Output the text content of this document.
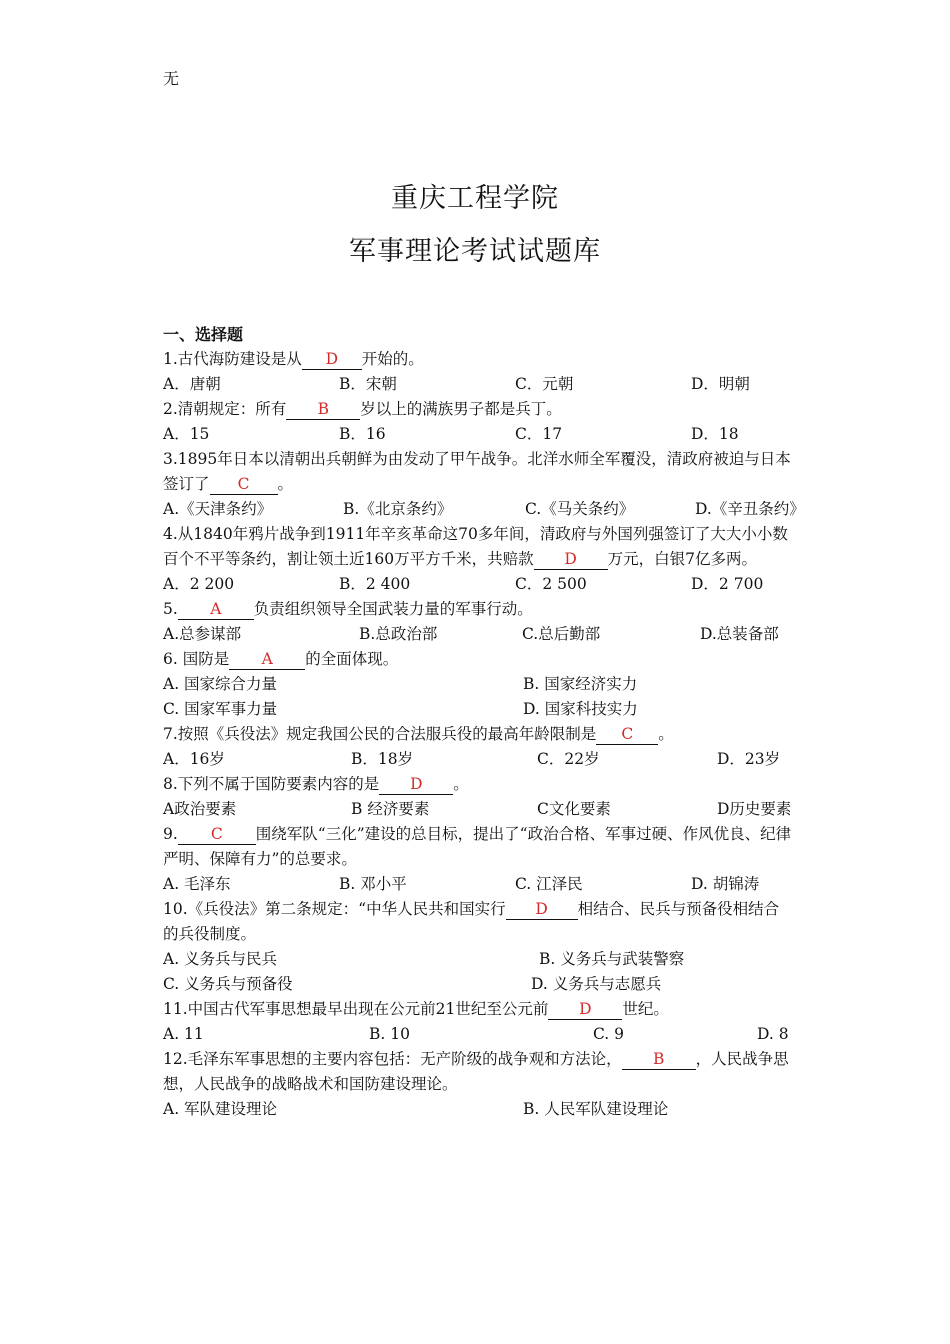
无
重庆工程学院
军事理论考试试题库
一、选择题

1.古代海防建设是从 D 开始的。

A．唐朝	B．宋朝	C．元朝	D．明朝

2.清朝规定：所有 B 岁以上的满族男子都是兵丁。

A．15	B．16	C．17	D．18

3.1895年日本以清朝出兵朝鲜为由发动了甲午战争。北洋水师全军覆没，清政府被迫与日本签订了 C 。

A.《天津条约》	B.《北京条约》	C.《马关条约》	D.《辛丑条约》

4.从1840年鸦片战争到1911年辛亥革命这70多年间，清政府与外国列强签订了大大小小数百个不平等条约，割让领土近160万平方千米，共赔款 D 万元，白银7亿多两。

A．2 200	B．2 400	C．2 500	D．2 700

5. A 负责组织领导全国武装力量的军事行动。

A.总参谋部	B.总政治部	C.总后勤部	D.总装备部

6. 国防是 A 的全面体现。

A. 国家综合力量	B. 国家经济实力
C. 国家军事力量	D. 国家科技实力

7.按照《兵役法》规定我国公民的合法服兵役的最高年龄限制是 C 。

A．16岁	B．18岁	C．22岁	D．23岁

8.下列不属于国防要素内容的是 D 。

A政治要素	B 经济要素	C文化要素	D历史要素

9. C 围绕军队“三化”建设的总目标，提出了“政治合格、军事过硬、作风优良、纪律严明、保障有力”的总要求。

A. 毛泽东	B. 邓小平	C. 江泽民	D. 胡锦涛

10.《兵役法》第二条规定：“中华人民共和国实行 D 相结合、民兵与预备役相结合的兵役制度。

A. 义务兵与民兵	B. 义务兵与武装警察
C. 义务兵与预备役	D. 义务兵与志愿兵

11.中国古代军事思想最早出现在公元前21世纪至公元前 D 世纪。

A. 11	B. 10	C. 9	D. 8

12.毛泽东军事思想的主要内容包括：无产阶级的战争观和方法论， B ，人民战争思想，人民战争的战略战术和国防建设理论。

A. 军队建设理论	B. 人民军队建设理论
